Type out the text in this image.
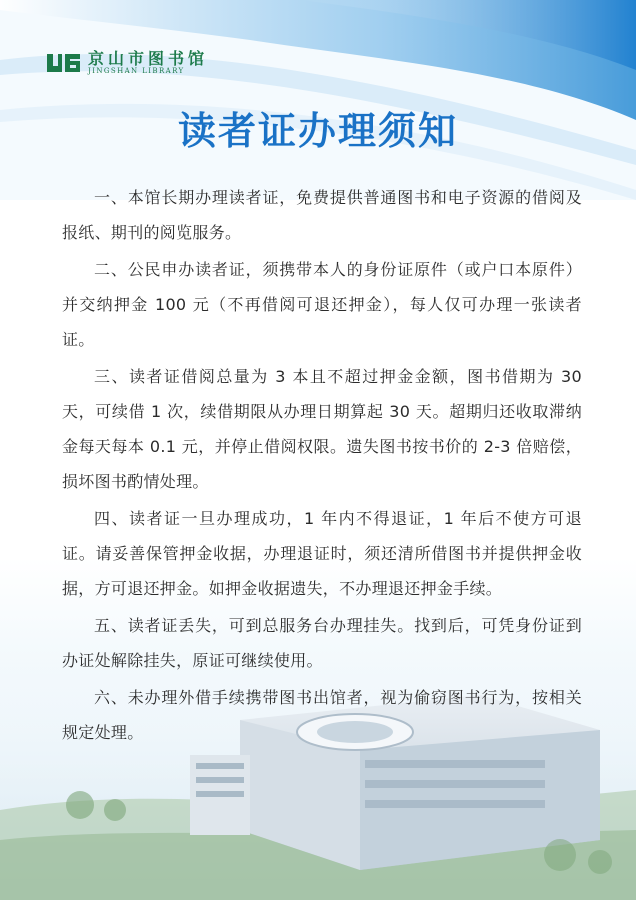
京山市图书馆
JINGSHAN LIBRARY
读者证办理须知

一、本馆长期办理读者证，免费提供普通图书和电子资源的借阅及报纸、期刊的阅览服务。

二、公民申办读者证，须携带本人的身份证原件（或户口本原件）并交纳押金 100 元（不再借阅可退还押金），每人仅可办理一张读者证。

三、读者证借阅总量为 3 本且不超过押金金额，图书借期为 30 天，可续借 1 次，续借期限从办理日期算起 30 天。超期归还收取滞纳金每天每本 0.1 元，并停止借阅权限。遗失图书按书价的 2-3 倍赔偿，损坏图书酌情处理。

四、读者证一旦办理成功，1 年内不得退证，1 年后不使方可退证。请妥善保管押金收据，办理退证时，须还清所借图书并提供押金收据，方可退还押金。如押金收据遗失，不办理退还押金手续。

五、读者证丢失，可到总服务台办理挂失。找到后，可凭身份证到办证处解除挂失，原证可继续使用。

六、未办理外借手续携带图书出馆者，视为偷窃图书行为，按相关规定处理。
